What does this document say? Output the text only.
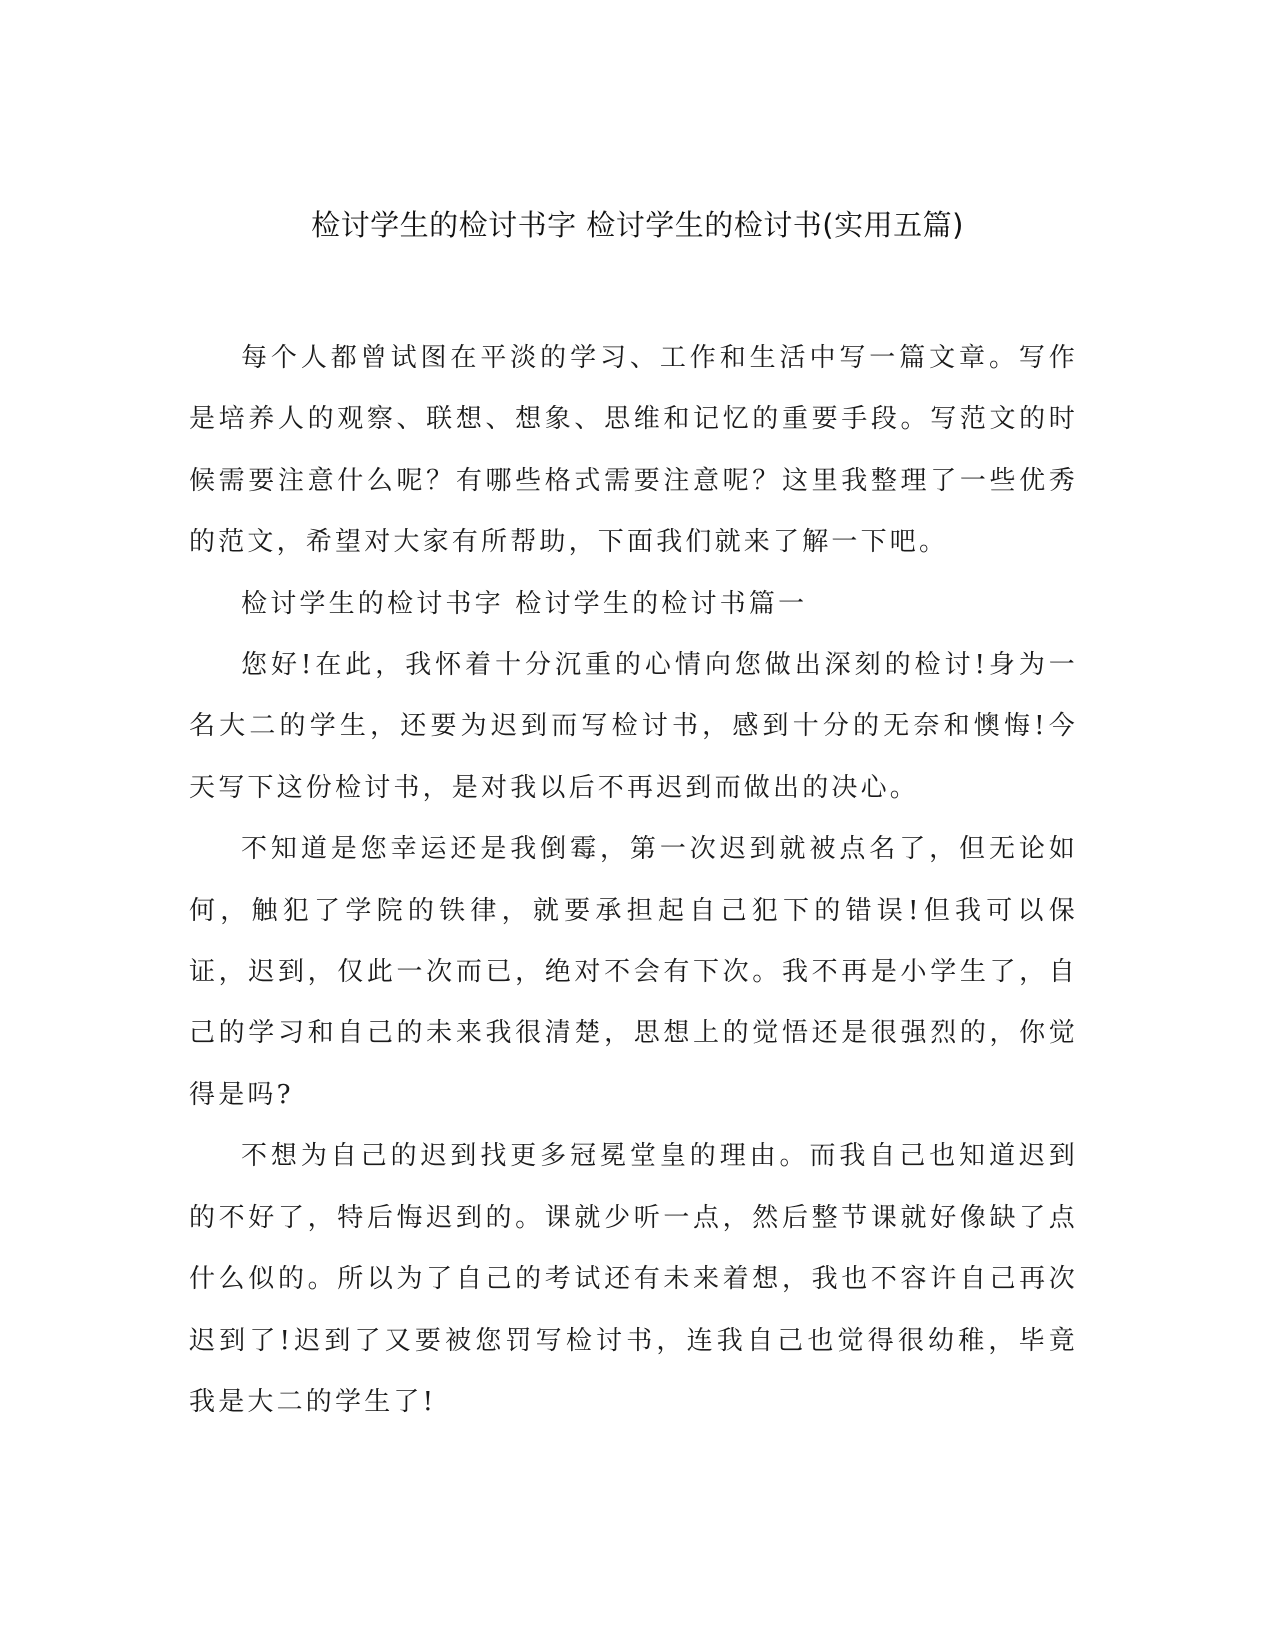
检讨学生的检讨书字 检讨学生的检讨书(实用五篇)

每个人都曾试图在平淡的学习、工作和生活中写一篇文章。写作是培养人的观察、联想、想象、思维和记忆的重要手段。写范文的时候需要注意什么呢？有哪些格式需要注意呢？这里我整理了一些优秀的范文，希望对大家有所帮助，下面我们就来了解一下吧。

检讨学生的检讨书字 检讨学生的检讨书篇一

您好!在此，我怀着十分沉重的心情向您做出深刻的检讨!身为一名大二的学生，还要为迟到而写检讨书，感到十分的无奈和懊悔!今天写下这份检讨书，是对我以后不再迟到而做出的决心。

不知道是您幸运还是我倒霉，第一次迟到就被点名了，但无论如何，触犯了学院的铁律，就要承担起自己犯下的错误!但我可以保证，迟到，仅此一次而已，绝对不会有下次。我不再是小学生了，自己的学习和自己的未来我很清楚，思想上的觉悟还是很强烈的，你觉得是吗?

不想为自己的迟到找更多冠冕堂皇的理由。而我自己也知道迟到的不好了，特后悔迟到的。课就少听一点，然后整节课就好像缺了点什么似的。所以为了自己的考试还有未来着想，我也不容许自己再次迟到了!迟到了又要被您罚写检讨书，连我自己也觉得很幼稚，毕竟我是大二的学生了!
